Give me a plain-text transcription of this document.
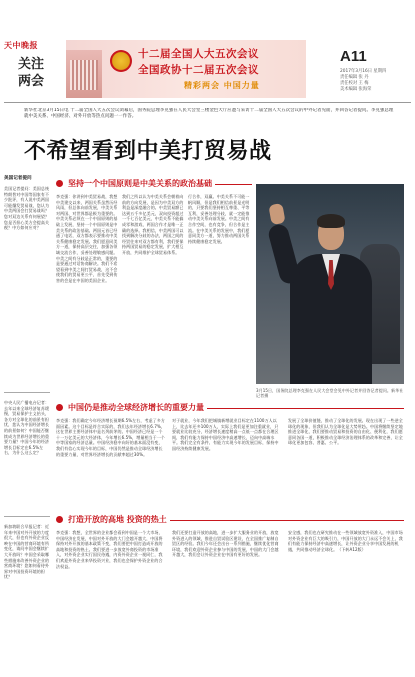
天中晚报
关注
两会
十二届全国人大五次会议
全国政协十二届五次会议
精彩两会 中国力量
A11
2017年3月16日 星期四
责任编辑 张 丹
责任校对 王 梅
美术编辑 张海荣
新华社北京3月15日电 十二届全国人大五次会议闭幕后，国务院总理李克强在人民大会堂三楼金色大厅应邀与采访十二届全国人大五次会议的中外记者见面，并回答记者提问。李克强总理就中美关系、中国经济、对外开放等热点问题一一作答。
不希望看到中美打贸易战
美国记者提问
美国记者提问：美国总统特朗普对中国等国家有不少批评，有人说中美两国可能爆发贸易战，您认为中美两国会打贸易战吗？您对双边关系有何展望？您是否担心美方会提高关税？中方如何应对？
中央人民广播电台记者：去年以来全球经济复苏缓慢，贸易保护主义抬头，各方对全球化的前景有担忧，您认为中国经济增长的前景如何？中国能否继续成为世界经济增长的重要力量？中国今年的经济增长目标定在6.5%左右，为什么这么定？
新加坡联合早报记者：近年来中国对外开放的力度很大，但也有外资企业反映在中国的营商环境有所变化，请问中国会继续扩大开放吗？中国会采取哪些措施来改善外资企业的营商环境？您如何看待外界对中国投资环境的担忧？
坚持一个中国原则是中美关系的政治基础
李克强：你讲到中美贸易战，我想中美建交以来，两国关系虽然历经风雨，但总体向前发展，中美关系对两国、对世界都是极为重要的。中美关系必须在一个中国原则的基础上发展，坚持一个中国原则是中美关系的政治基础。两国元首已经通了电话，双方都表示要推动中美关系健康稳定发展。我们愿意同美方一道，保持高层交往，加强各领域交流合作，妥善处理敏感问题。中美之间有分歧是正常的，重要的是要通过对话协商解决。我们不希望看到中美之间打贸易战，这不会使我们的贸易更公平，首先受到伤害的会是在中国的美国企业。
我们之所以认为中美关系会朝着向前的方向发展，是因为中美双方的利益是深度融合的。中美贸易额已达到五千多亿美元，双向投资超过一千七百亿美元，中美关系不能搞成零和游戏，两国合作才是唯一正确的选择。我相信，中美两国可以找到解决分歧的办法，两国之间的经贸往来对双方都有利，我们要保持两国贸易的稳定发展，扩大相互开放，共同维护全球贸易体系。
行合作，双赢。中美关系不可能一帆风顺，但是我们相信前景是光明的，只要我们坚持相互尊重、平等互利，妥善处理分歧，就一定能推动中美关系向前发展。中美之间有合作空间，也有竞争，但合作是主流。在中美关系的发展中，我们愿意同美方一道，努力推动两国关系持续健康稳定发展。
3月15日，国务院总理李克强在人民大会堂会见中外记者并回答记者提问。新华社记者摄
中国仍是推动全球经济增长的重要力量
李克强：我们确定今年经济增长预期6.5%左右，考虑了多方面因素。这个目标是符合实际的，我们去年经济增长6.7%，这在世界主要经济体中是名列前茅的。中国经济已经是一个十一万亿美元的大经济体，今年增长6.5%，增量相当于一个中等国家的经济总量。中国经济稳中向好的基本面没有变，我们有信心实现今年的目标，中国仍然是推动全球经济增长的重要力量，对世界经济增长的贡献率超过30%。
对于就业，今年我们把城镇新增就业目标定在1100万人以上，比去年还多100万人，实际上我们是更加注重就业，只要就业比较充分，经济增长速度稍高一点低一点都在合理区间，我们有能力保持中国经济中高速增长，迈向中高端水平。我们完全有条件、有能力实现今年的发展目标，保持中国经济持续健康发展。
发展了全球价值链，推动了全球化的发展。现在出现了一些逆全球化的现象，但我们认为全球化是大势所趋。中国将继续坚定地推进全球化，我们要推动贸易和投资的自由化、便利化，我们愿意同各国一道，积极推动全球经济治理体系的改革和完善，让全球化更加包容、普惠、公平。
打造开放的高地 投资的热土
李克强：我想，全世界的企业都会看到中国是一个大市场，中国经济在发展，中国对外开放的大门会越开越大，中国将保持对外开放的基本政策不变，我们要把中国打造成开放的高地和投资的热土。我们要进一步放宽外商投资的市场准入，对外资企业实行国民待遇，内资外资企业一视同仁，我们欢迎外资企业来华投资兴业，我们也会保护外资企业的合法权益。
我们还要打造开放的高地，进一步扩大服务业的开放，放宽外资进入的领域，推进自贸试验区建设，在全国推广复制自贸区的经验。我们今年还会出台一系列措施，继续优化营商环境，我们欢迎外资企业参与中国的发展，中国的大门会越开越大，我们会让外资企业在中国有更好的发展。
安全感，我们也在研究推动在一些领域放宽外资准入，中国市场对外资企业有巨大的吸引力，中国开放的大门永远不会关上，我们有能力保持经济中高速增长，让外资企业分享中国发展的机遇，共同推动经济全球化。（下转A12版）
